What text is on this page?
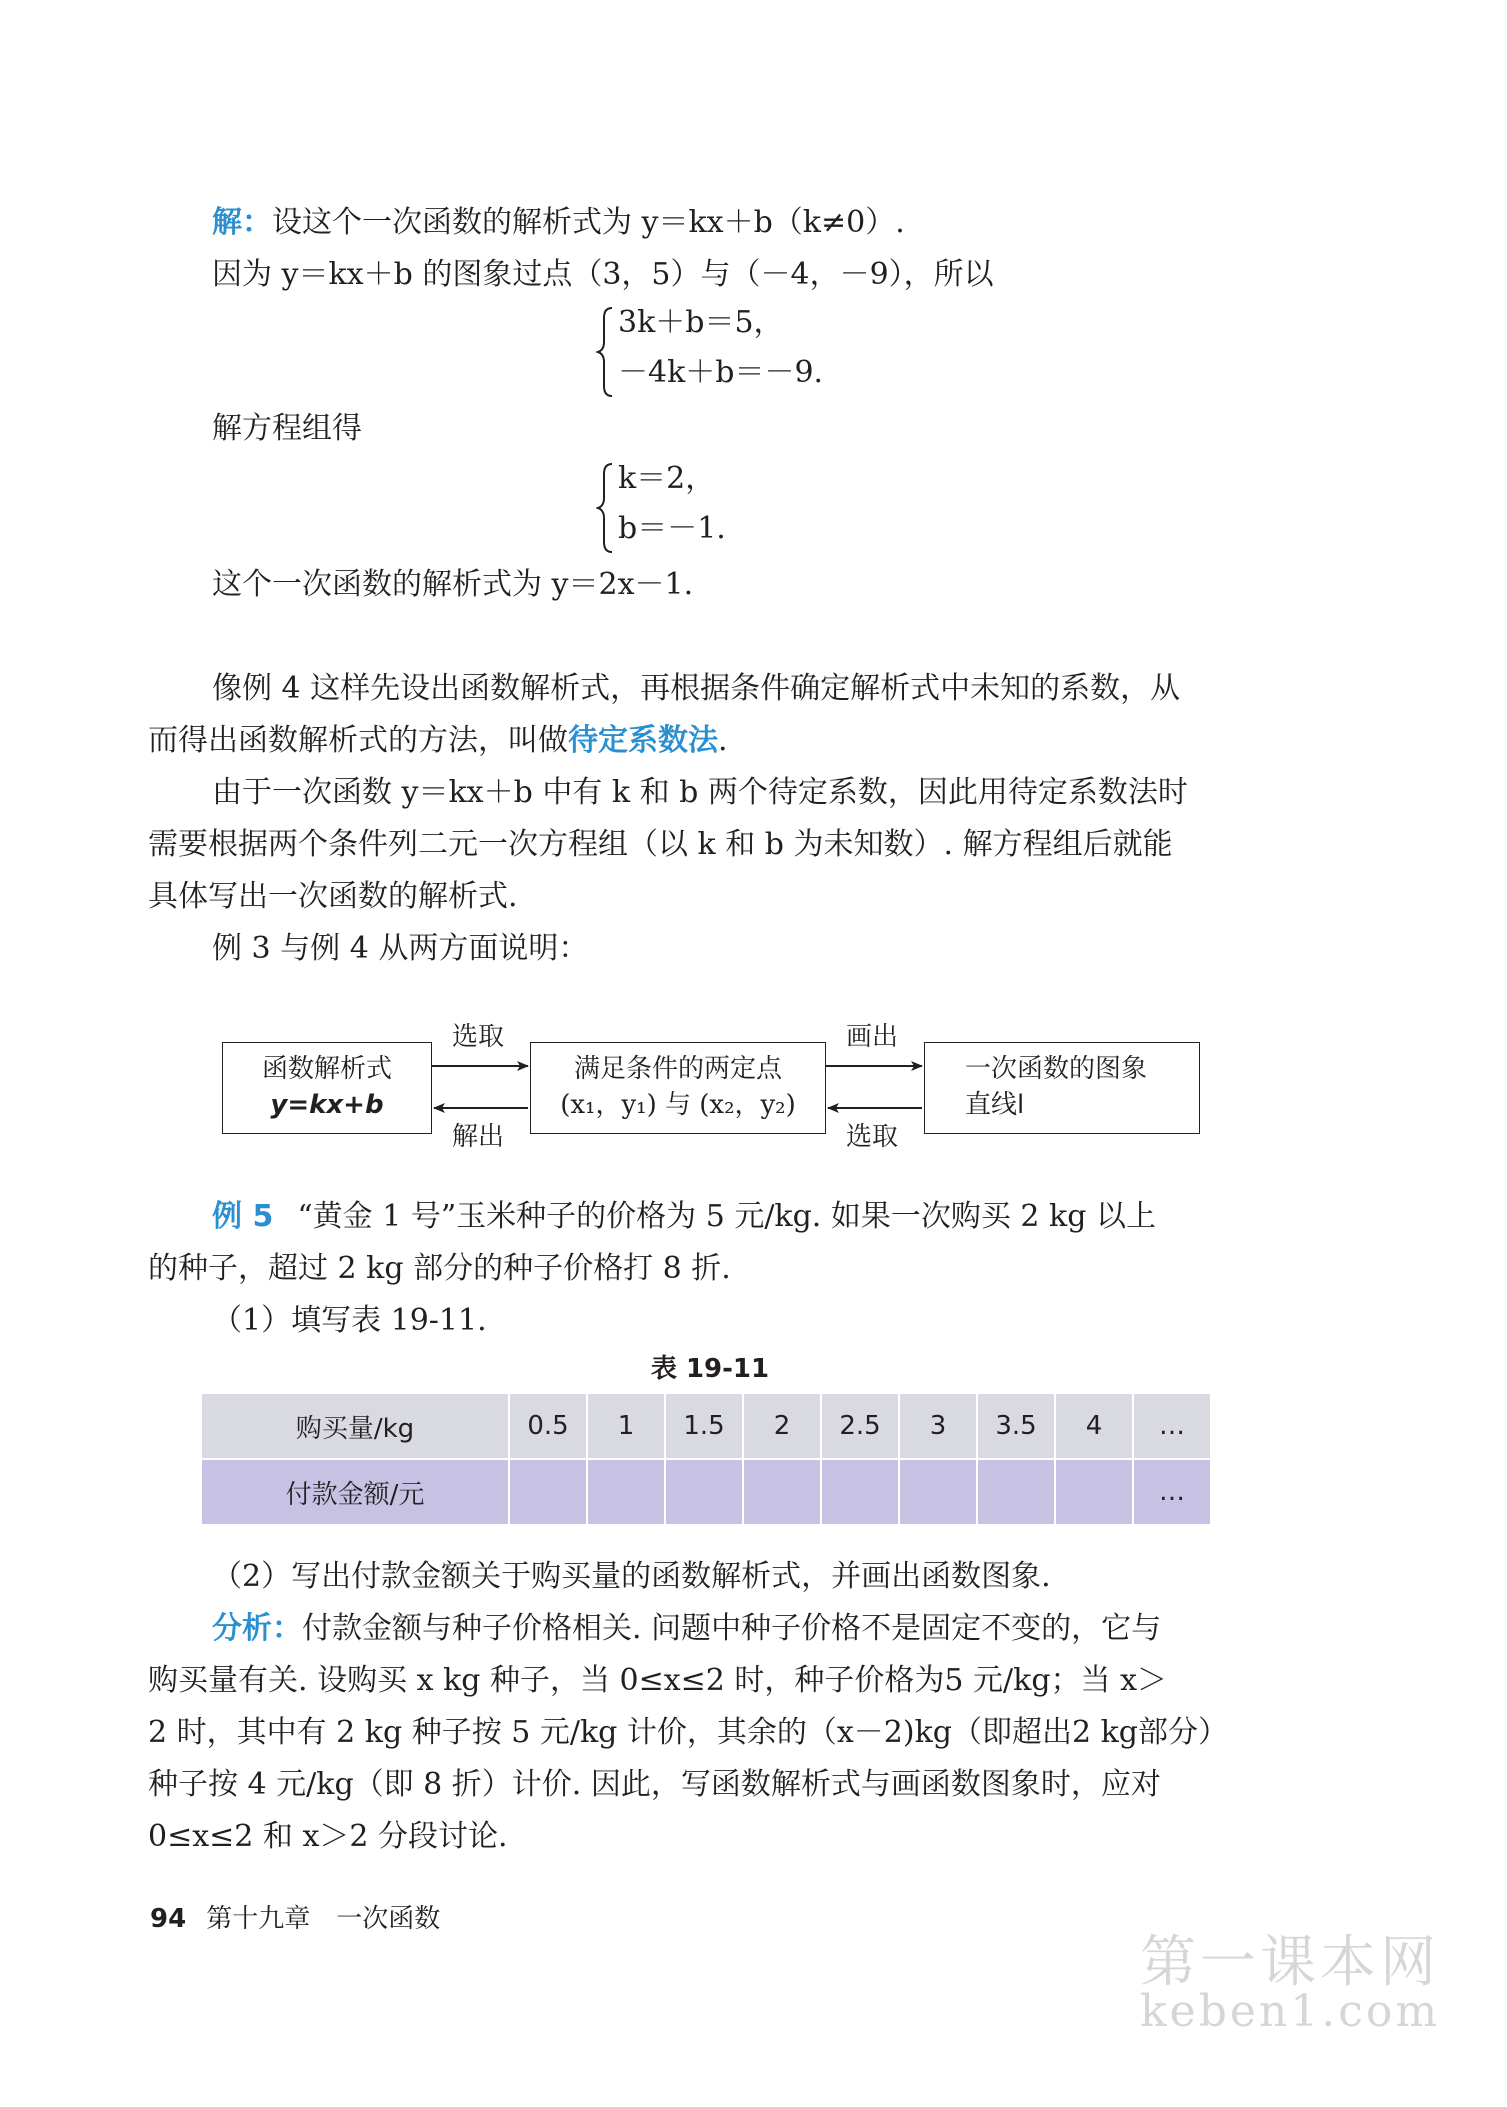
解：设这个一次函数的解析式为 y＝kx＋b（k≠0）.
因为 y＝kx＋b 的图象过点（3，5）与（－4，－9），所以
3k＋b＝5，
－4k＋b＝－9.
解方程组得
k＝2，
b＝－1.
这个一次函数的解析式为 y＝2x－1.
像例 4 这样先设出函数解析式，再根据条件确定解析式中未知的系数，从
而得出函数解析式的方法，叫做待定系数法.
由于一次函数 y＝kx＋b 中有 k 和 b 两个待定系数，因此用待定系数法时
需要根据两个条件列二元一次方程组（以 k 和 b 为未知数）. 解方程组后就能
具体写出一次函数的解析式.
例 3 与例 4 从两方面说明：
函数解析式
y=kx+b
满足条件的两定点
(x₁，y₁) 与 (x₂，y₂)
一次函数的图象
直线l
选取
解出
画出
选取
例 5 “黄金 1 号”玉米种子的价格为 5 元/kg. 如果一次购买 2 kg 以上
的种子，超过 2 kg 部分的种子价格打 8 折.
（1）填写表 19-11.
表 19-11
购买量/kg	0.5	1	1.5	2	2.5	3	3.5	4	…
付款金额/元									…
（2）写出付款金额关于购买量的函数解析式，并画出函数图象.
分析：付款金额与种子价格相关. 问题中种子价格不是固定不变的，它与
购买量有关. 设购买 x kg 种子，当 0≤x≤2 时，种子价格为5 元/kg；当 x＞
2 时，其中有 2 kg 种子按 5 元/kg 计价，其余的（x－2)kg（即超出2 kg部分）
种子按 4 元/kg（即 8 折）计价. 因此，写函数解析式与画函数图象时，应对
0≤x≤2 和 x＞2 分段讨论.
94 第十九章　一次函数
第一课本网
keben1.com
